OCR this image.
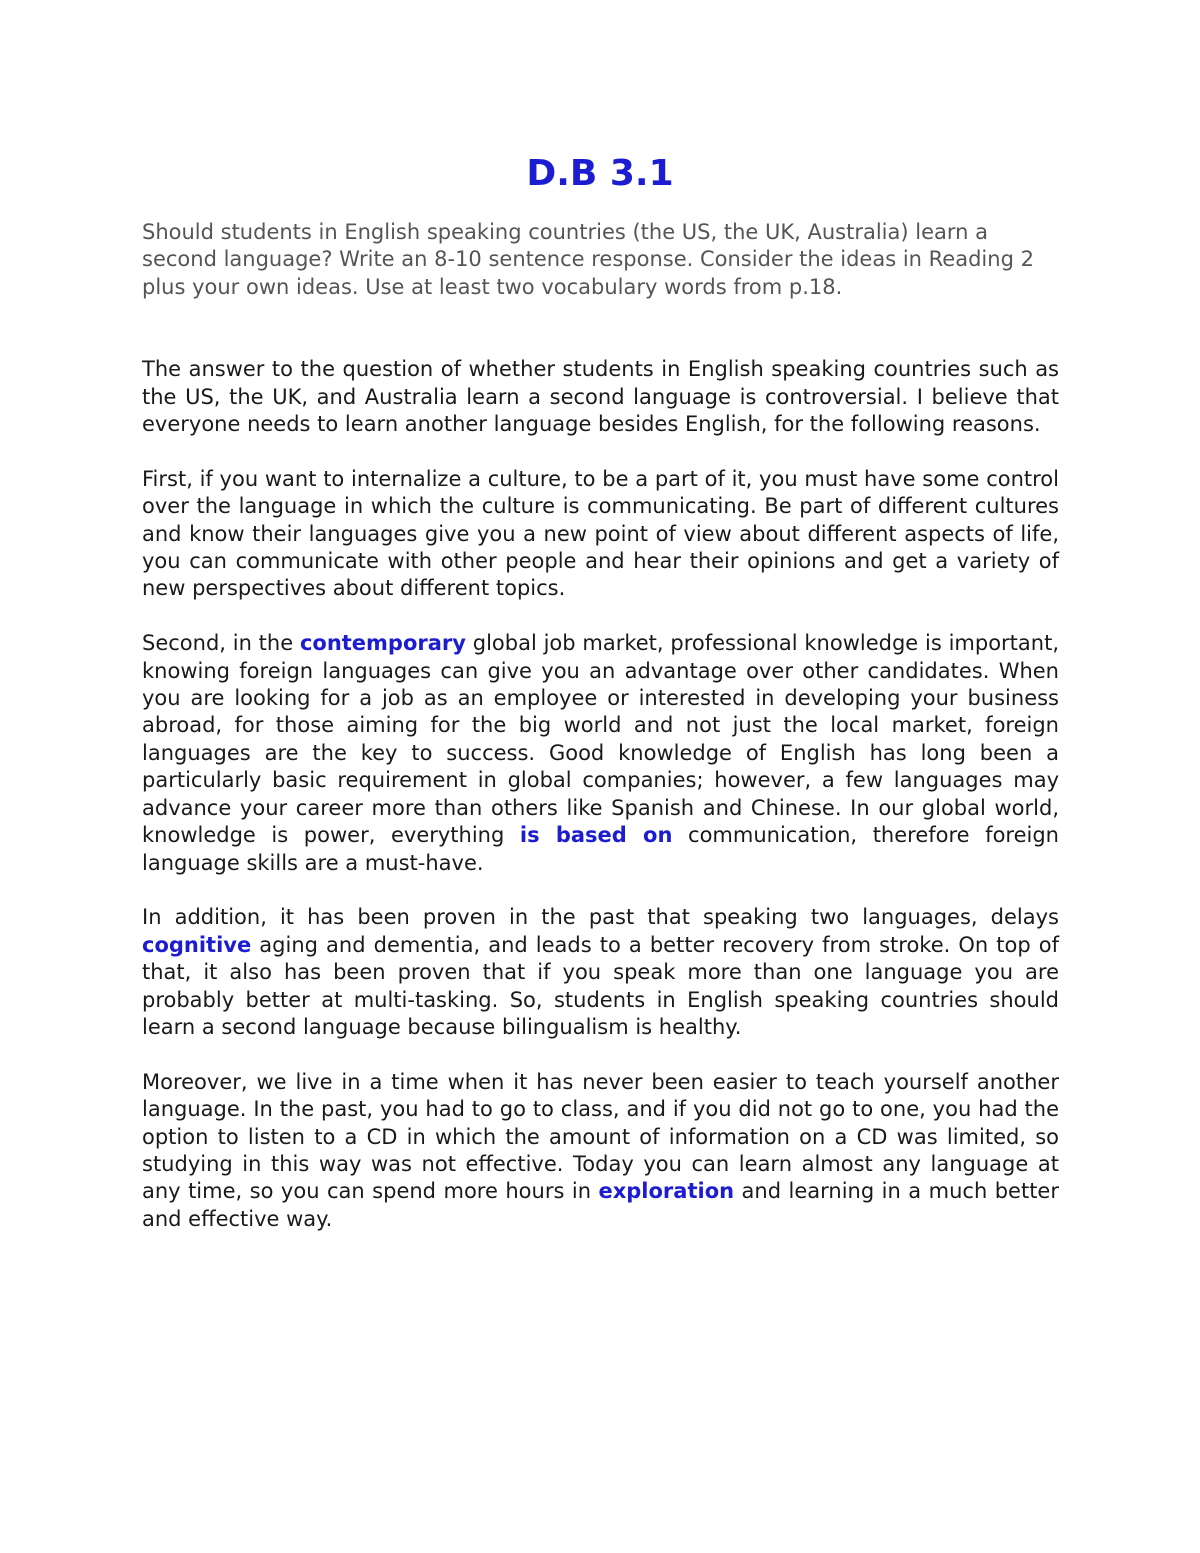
D.B 3.1

Should students in English speaking countries (the US, the UK, Australia) learn a second language? Write an 8-10 sentence response. Consider the ideas in Reading 2 plus your own ideas. Use at least two vocabulary words from p.18.

The answer to the question of whether students in English speaking countries such as the US, the UK, and Australia learn a second language is controversial. I believe that everyone needs to learn another language besides English, for the following reasons.

First, if you want to internalize a culture, to be a part of it, you must have some control over the language in which the culture is communicating. Be part of different cultures and know their languages give you a new point of view about different aspects of life, you can communicate with other people and hear their opinions and get a variety of new perspectives about different topics.

Second, in the contemporary global job market, professional knowledge is important, knowing foreign languages can give you an advantage over other candidates. When you are looking for a job as an employee or interested in developing your business abroad, for those aiming for the big world and not just the local market, foreign languages are the key to success. Good knowledge of English has long been a particularly basic requirement in global companies; however, a few languages may advance your career more than others like Spanish and Chinese. In our global world, knowledge is power, everything is based on communication, therefore foreign language skills are a must-have.

In addition, it has been proven in the past that speaking two languages, delays cognitive aging and dementia, and leads to a better recovery from stroke. On top of that, it also has been proven that if you speak more than one language you are probably better at multi-tasking. So, students in English speaking countries should learn a second language because bilingualism is healthy.

Moreover, we live in a time when it has never been easier to teach yourself another language. In the past, you had to go to class, and if you did not go to one, you had the option to listen to a CD in which the amount of information on a CD was limited, so studying in this way was not effective. Today you can learn almost any language at any time, so you can spend more hours in exploration and learning in a much better and effective way.
